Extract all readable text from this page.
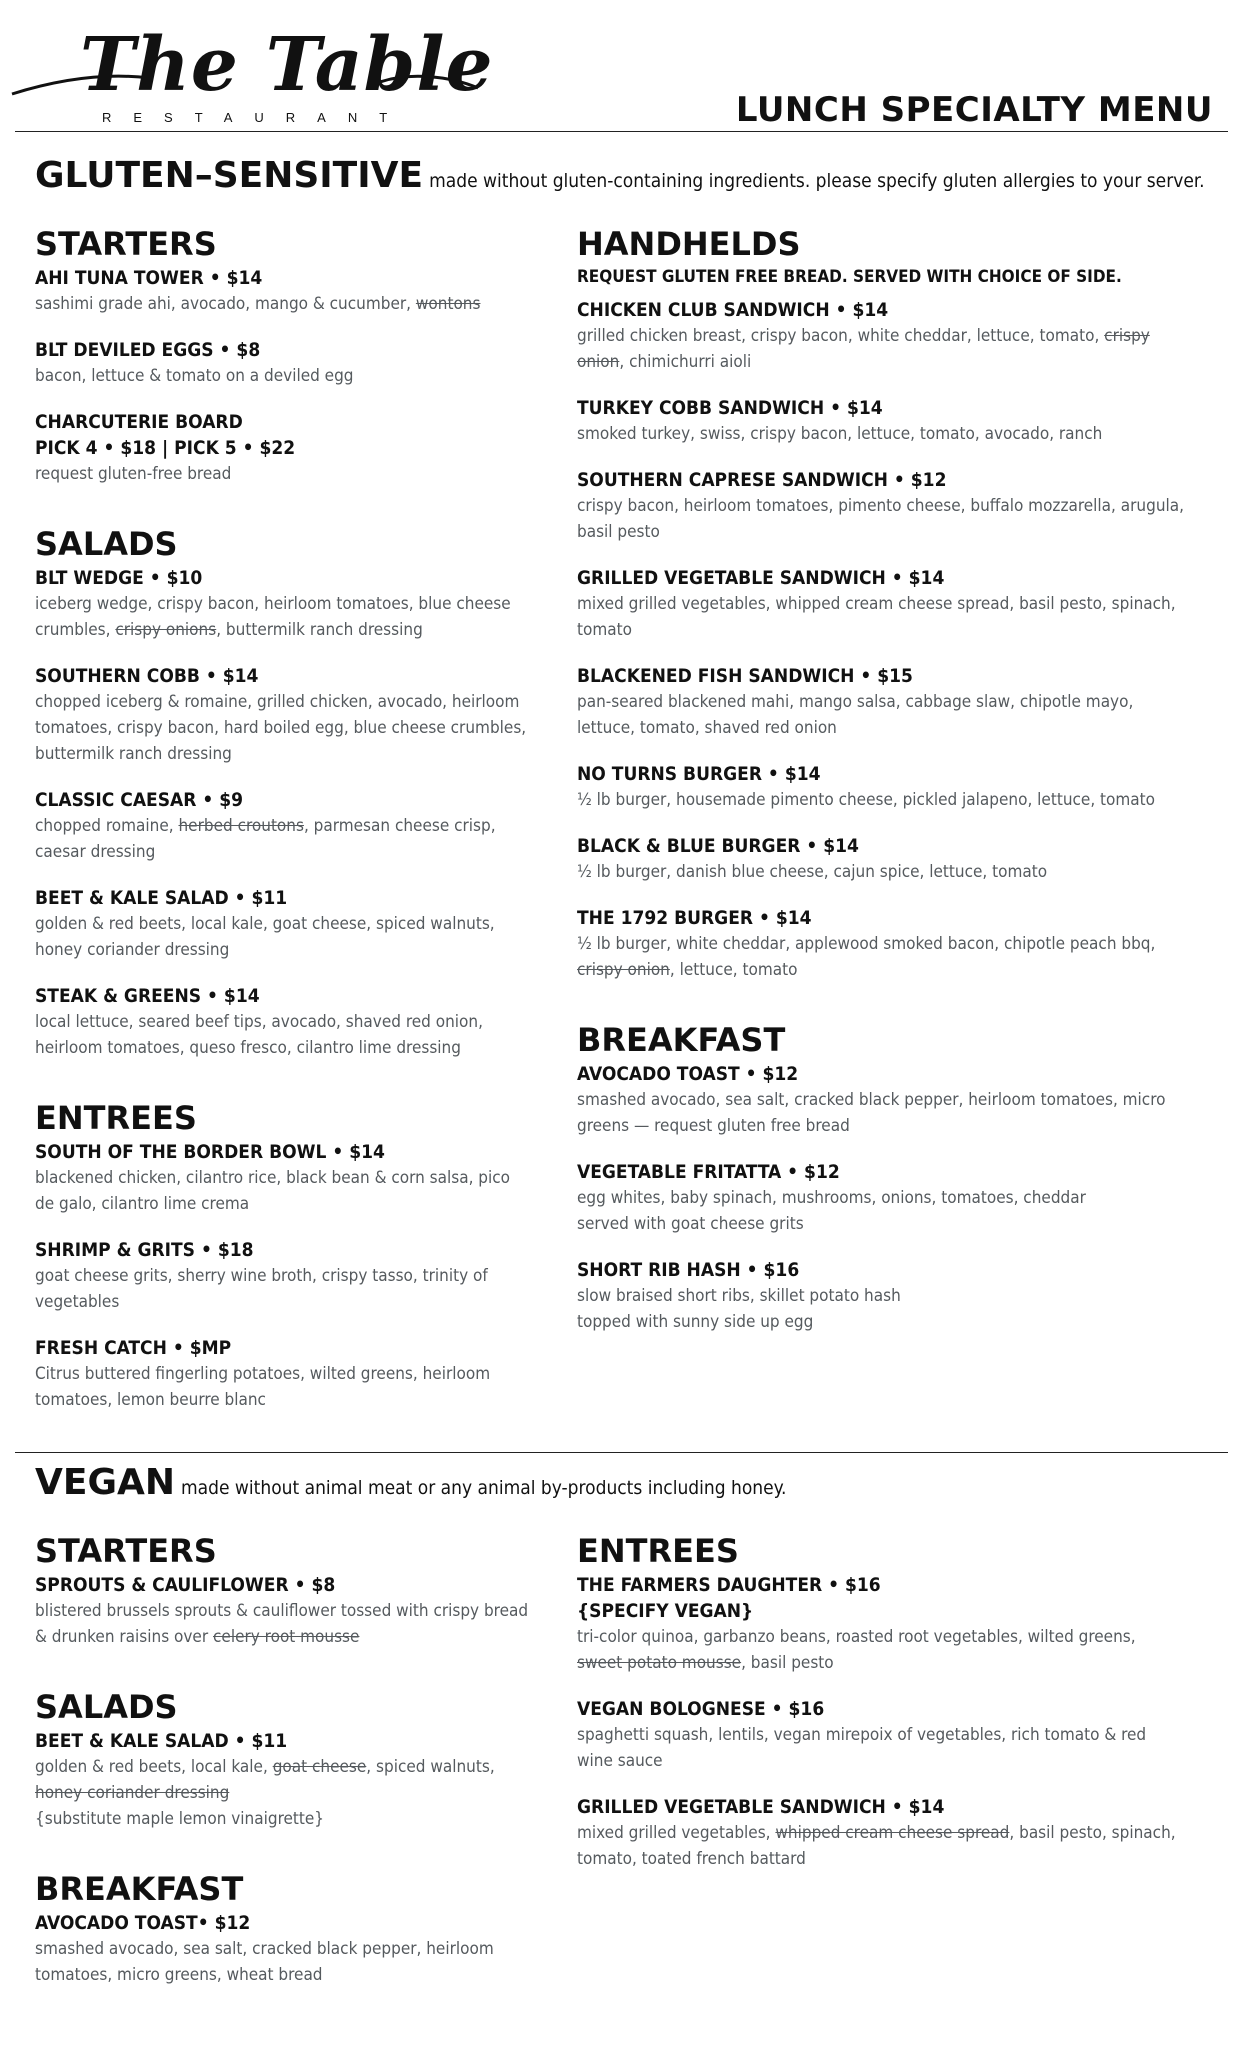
The Table
RESTAURANT	LUNCH SPECIALTY MENU
GLUTEN–SENSITIVE made without gluten-containing ingredients. please specify gluten allergies to your server.
STARTERS
AHI TUNA TOWER • $14
sashimi grade ahi, avocado, mango & cucumber, wontons
BLT DEVILED EGGS • $8
bacon, lettuce & tomato on a deviled egg
CHARCUTERIE BOARD
PICK 4 • $18 | PICK 5 • $22
request gluten-free bread
SALADS
BLT WEDGE • $10
iceberg wedge, crispy bacon, heirloom tomatoes, blue cheese
crumbles, crispy onions, buttermilk ranch dressing
SOUTHERN COBB • $14
chopped iceberg & romaine, grilled chicken, avocado, heirloom
tomatoes, crispy bacon, hard boiled egg, blue cheese crumbles,
buttermilk ranch dressing
CLASSIC CAESAR • $9
chopped romaine, herbed croutons, parmesan cheese crisp,
caesar dressing
BEET & KALE SALAD • $11
golden & red beets, local kale, goat cheese, spiced walnuts,
honey coriander dressing
STEAK & GREENS • $14
local lettuce, seared beef tips, avocado, shaved red onion,
heirloom tomatoes, queso fresco, cilantro lime dressing
ENTREES
SOUTH OF THE BORDER BOWL • $14
blackened chicken, cilantro rice, black bean & corn salsa, pico
de galo, cilantro lime crema
SHRIMP & GRITS • $18
goat cheese grits, sherry wine broth, crispy tasso, trinity of
vegetables
FRESH CATCH • $MP
Citrus buttered fingerling potatoes, wilted greens, heirloom
tomatoes, lemon beurre blanc
HANDHELDS
REQUEST GLUTEN FREE BREAD. SERVED WITH CHOICE OF SIDE.
CHICKEN CLUB SANDWICH • $14
grilled chicken breast, crispy bacon, white cheddar, lettuce, tomato, crispy
onion, chimichurri aioli
TURKEY COBB SANDWICH • $14
smoked turkey, swiss, crispy bacon, lettuce, tomato, avocado, ranch
SOUTHERN CAPRESE SANDWICH • $12
crispy bacon, heirloom tomatoes, pimento cheese, buffalo mozzarella, arugula,
basil pesto
GRILLED VEGETABLE SANDWICH • $14
mixed grilled vegetables, whipped cream cheese spread, basil pesto, spinach,
tomato
BLACKENED FISH SANDWICH • $15
pan-seared blackened mahi, mango salsa, cabbage slaw, chipotle mayo,
lettuce, tomato, shaved red onion
NO TURNS BURGER • $14
½ lb burger, housemade pimento cheese, pickled jalapeno, lettuce, tomato
BLACK & BLUE BURGER • $14
½ lb burger, danish blue cheese, cajun spice, lettuce, tomato
THE 1792 BURGER • $14
½ lb burger, white cheddar, applewood smoked bacon, chipotle peach bbq,
crispy onion, lettuce, tomato
BREAKFAST
AVOCADO TOAST • $12
smashed avocado, sea salt, cracked black pepper, heirloom tomatoes, micro
greens — request gluten free bread
VEGETABLE FRITATTA • $12
egg whites, baby spinach, mushrooms, onions, tomatoes, cheddar
served with goat cheese grits
SHORT RIB HASH • $16
slow braised short ribs, skillet potato hash
topped with sunny side up egg
VEGAN made without animal meat or any animal by-products including honey.
STARTERS
SPROUTS & CAULIFLOWER • $8
blistered brussels sprouts & cauliflower tossed with crispy bread
& drunken raisins over celery root mousse
SALADS
BEET & KALE SALAD • $11
golden & red beets, local kale, goat cheese, spiced walnuts,
honey coriander dressing
{substitute maple lemon vinaigrette}
BREAKFAST
AVOCADO TOAST• $12
smashed avocado, sea salt, cracked black pepper, heirloom
tomatoes, micro greens, wheat bread
ENTREES
THE FARMERS DAUGHTER • $16
{SPECIFY VEGAN}
tri-color quinoa, garbanzo beans, roasted root vegetables, wilted greens,
sweet potato mousse, basil pesto
VEGAN BOLOGNESE • $16
spaghetti squash, lentils, vegan mirepoix of vegetables, rich tomato & red
wine sauce
GRILLED VEGETABLE SANDWICH • $14
mixed grilled vegetables, whipped cream cheese spread, basil pesto, spinach,
tomato, toated french battard
